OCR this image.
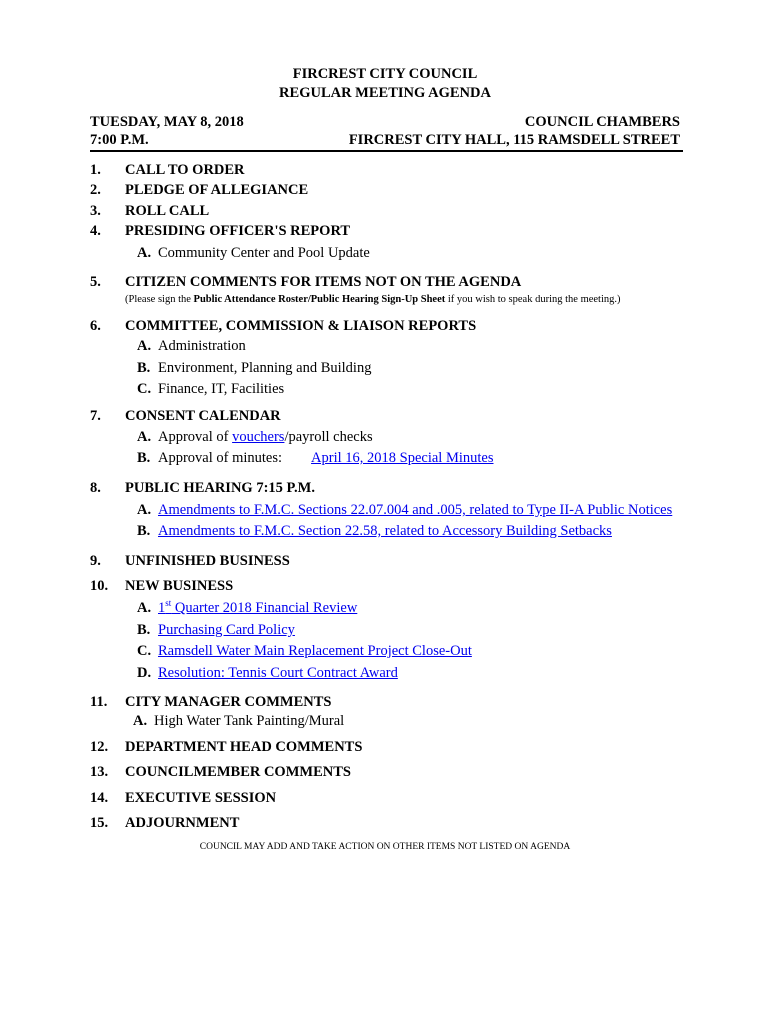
FIRCREST CITY COUNCIL
REGULAR MEETING AGENDA
TUESDAY, MAY 8, 2018
7:00 P.M.
COUNCIL CHAMBERS
FIRCREST CITY HALL, 115 RAMSDELL STREET
1. CALL TO ORDER
2. PLEDGE OF ALLEGIANCE
3. ROLL CALL
4. PRESIDING OFFICER'S REPORT
A. Community Center and Pool Update
5. CITIZEN COMMENTS FOR ITEMS NOT ON THE AGENDA
(Please sign the Public Attendance Roster/Public Hearing Sign-Up Sheet if you wish to speak during the meeting.)
6. COMMITTEE, COMMISSION & LIAISON REPORTS
A. Administration
B. Environment, Planning and Building
C. Finance, IT, Facilities
7. CONSENT CALENDAR
A. Approval of vouchers/payroll checks
B. Approval of minutes: April 16, 2018 Special Minutes
8. PUBLIC HEARING 7:15 P.M.
A. Amendments to F.M.C. Sections 22.07.004 and .005, related to Type II-A Public Notices
B. Amendments to F.M.C. Section 22.58, related to Accessory Building Setbacks
9. UNFINISHED BUSINESS
10. NEW BUSINESS
A. 1st Quarter 2018 Financial Review
B. Purchasing Card Policy
C. Ramsdell Water Main Replacement Project Close-Out
D. Resolution: Tennis Court Contract Award
11. CITY MANAGER COMMENTS
A. High Water Tank Painting/Mural
12. DEPARTMENT HEAD COMMENTS
13. COUNCILMEMBER COMMENTS
14. EXECUTIVE SESSION
15. ADJOURNMENT
COUNCIL MAY ADD AND TAKE ACTION ON OTHER ITEMS NOT LISTED ON AGENDA
